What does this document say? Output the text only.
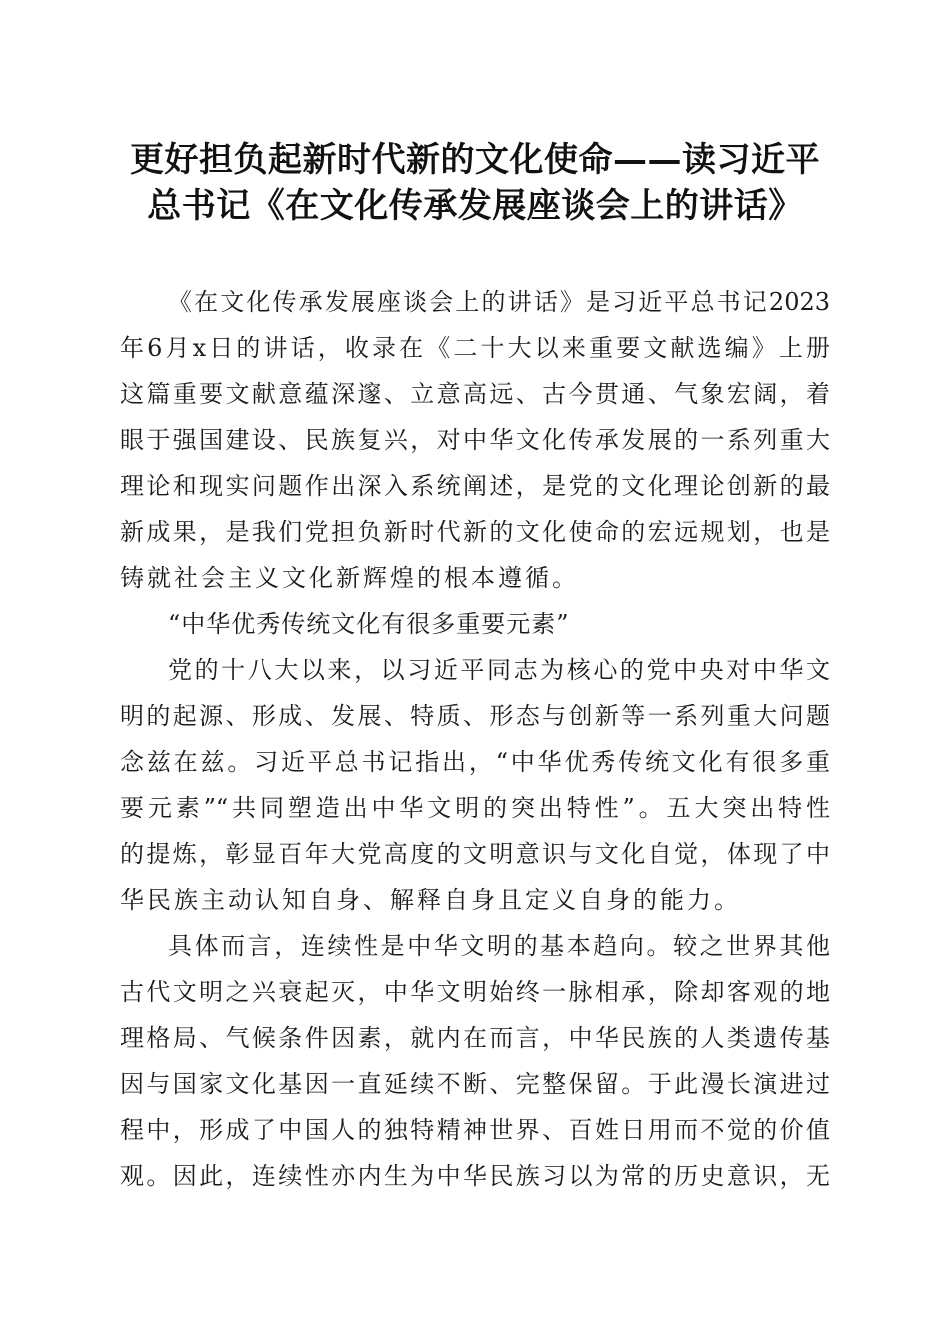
更好担负起新时代新的文化使命——读习近平
总书记《在文化传承发展座谈会上的讲话》
《在文化传承发展座谈会上的讲话》是习近平总书记2023
年6月x日的讲话，收录在《二十大以来重要文献选编》上册
这篇重要文献意蕴深邃、立意高远、古今贯通、气象宏阔，着
眼于强国建设、民族复兴，对中华文化传承发展的一系列重大
理论和现实问题作出深入系统阐述，是党的文化理论创新的最
新成果，是我们党担负新时代新的文化使命的宏远规划，也是
铸就社会主义文化新辉煌的根本遵循。
“中华优秀传统文化有很多重要元素”
党的十八大以来，以习近平同志为核心的党中央对中华文
明的起源、形成、发展、特质、形态与创新等一系列重大问题
念兹在兹。习近平总书记指出，“中华优秀传统文化有很多重
要元素”“共同塑造出中华文明的突出特性”。五大突出特性
的提炼，彰显百年大党高度的文明意识与文化自觉，体现了中
华民族主动认知自身、解释自身且定义自身的能力。
具体而言，连续性是中华文明的基本趋向。较之世界其他
古代文明之兴衰起灭，中华文明始终一脉相承，除却客观的地
理格局、气候条件因素，就内在而言，中华民族的人类遗传基
因与国家文化基因一直延续不断、完整保留。于此漫长演进过
程中，形成了中国人的独特精神世界、百姓日用而不觉的价值
观。因此，连续性亦内生为中华民族习以为常的历史意识，无
